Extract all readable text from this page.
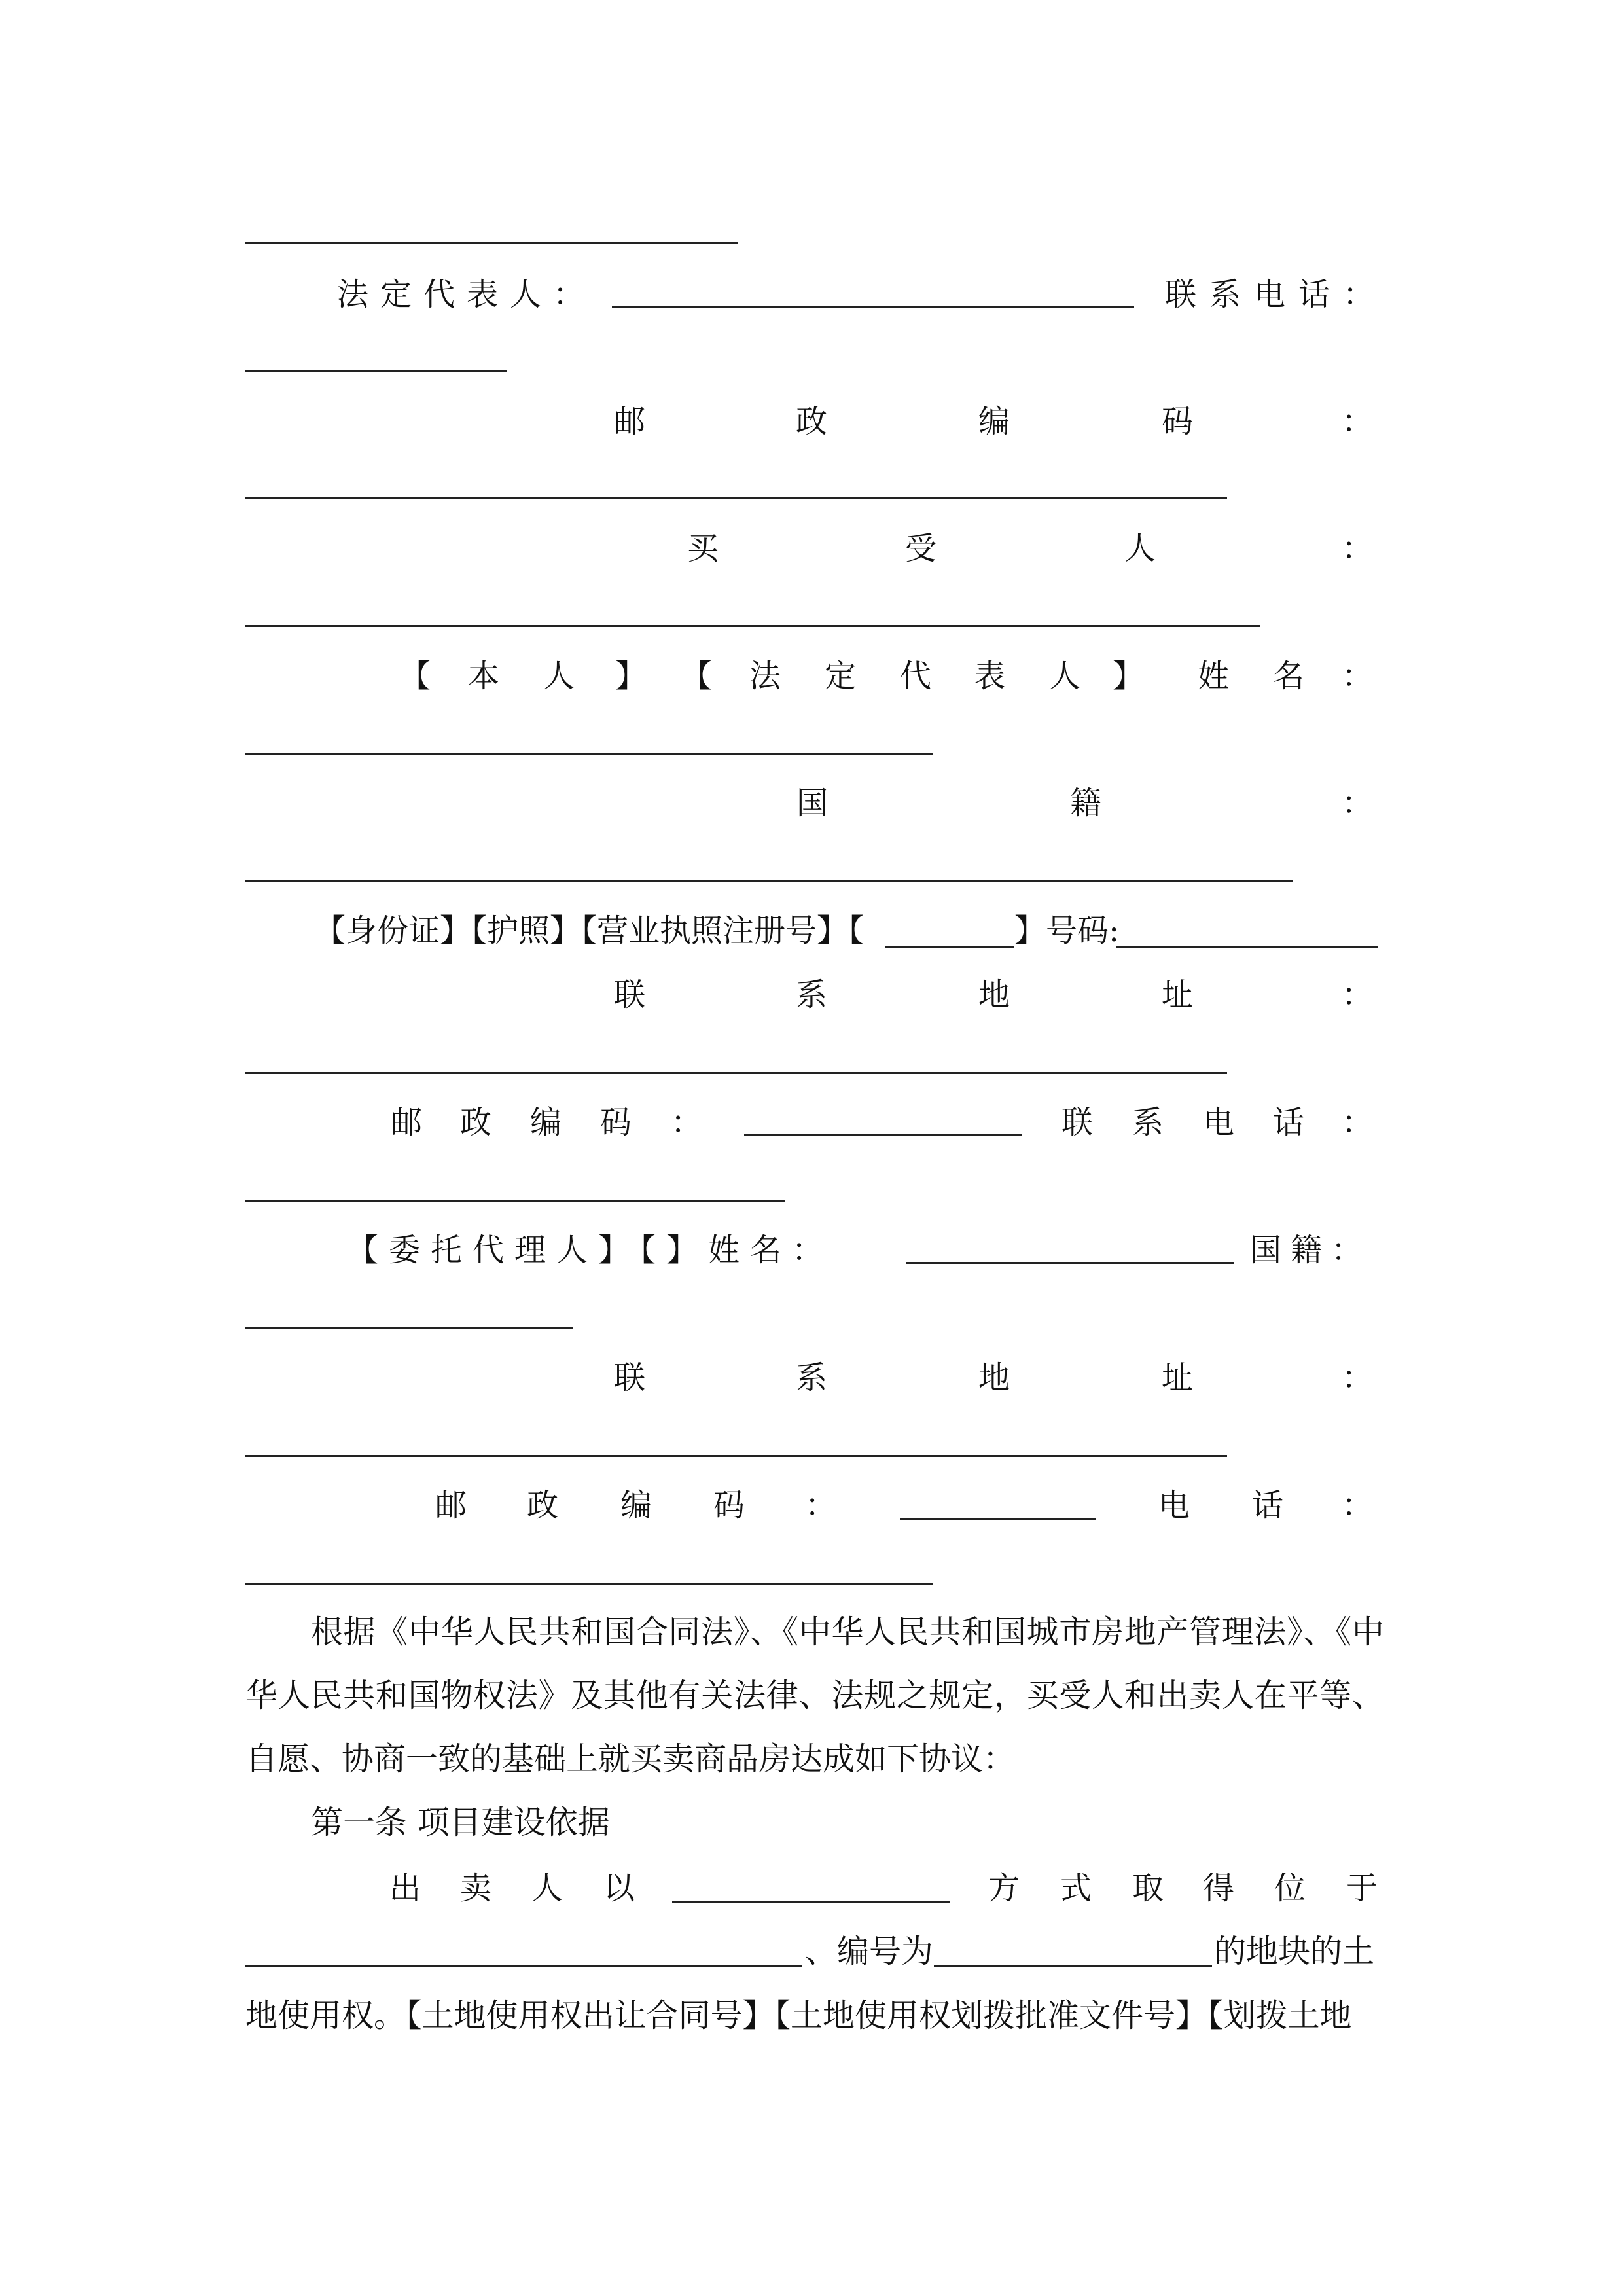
法定代表人：	联系电话：
邮	政	编	码	：
买	受	人	：
【 本 人 】 【 法 定 代 表 人 】 姓 名 ：
国	籍	：
【身份证】【护照】【营业执照注册号】【	】号码:
联	系	地	址	：
邮 政 编 码 ：	联 系 电 话 ：
【委托代理人】【】姓名：	国籍：
联	系	地	址	：
邮 政 编 码 ：	电 话 ：
根据《中华人民共和国合同法》、《中华人民共和国城市房地产管理法》、《中华人民共和国物权法》及其他有关法律、法规之规定，买受人和出卖人在平等、自愿、协商一致的基础上就买卖商品房达成如下协议：
第一条 项目建设依据
出 卖 人 以	方 式 取 得 位 于
、编号为	的地块的土
地使用权。【土地使用权出让合同号】【土地使用权划拨批准文件号】【划拨土地
